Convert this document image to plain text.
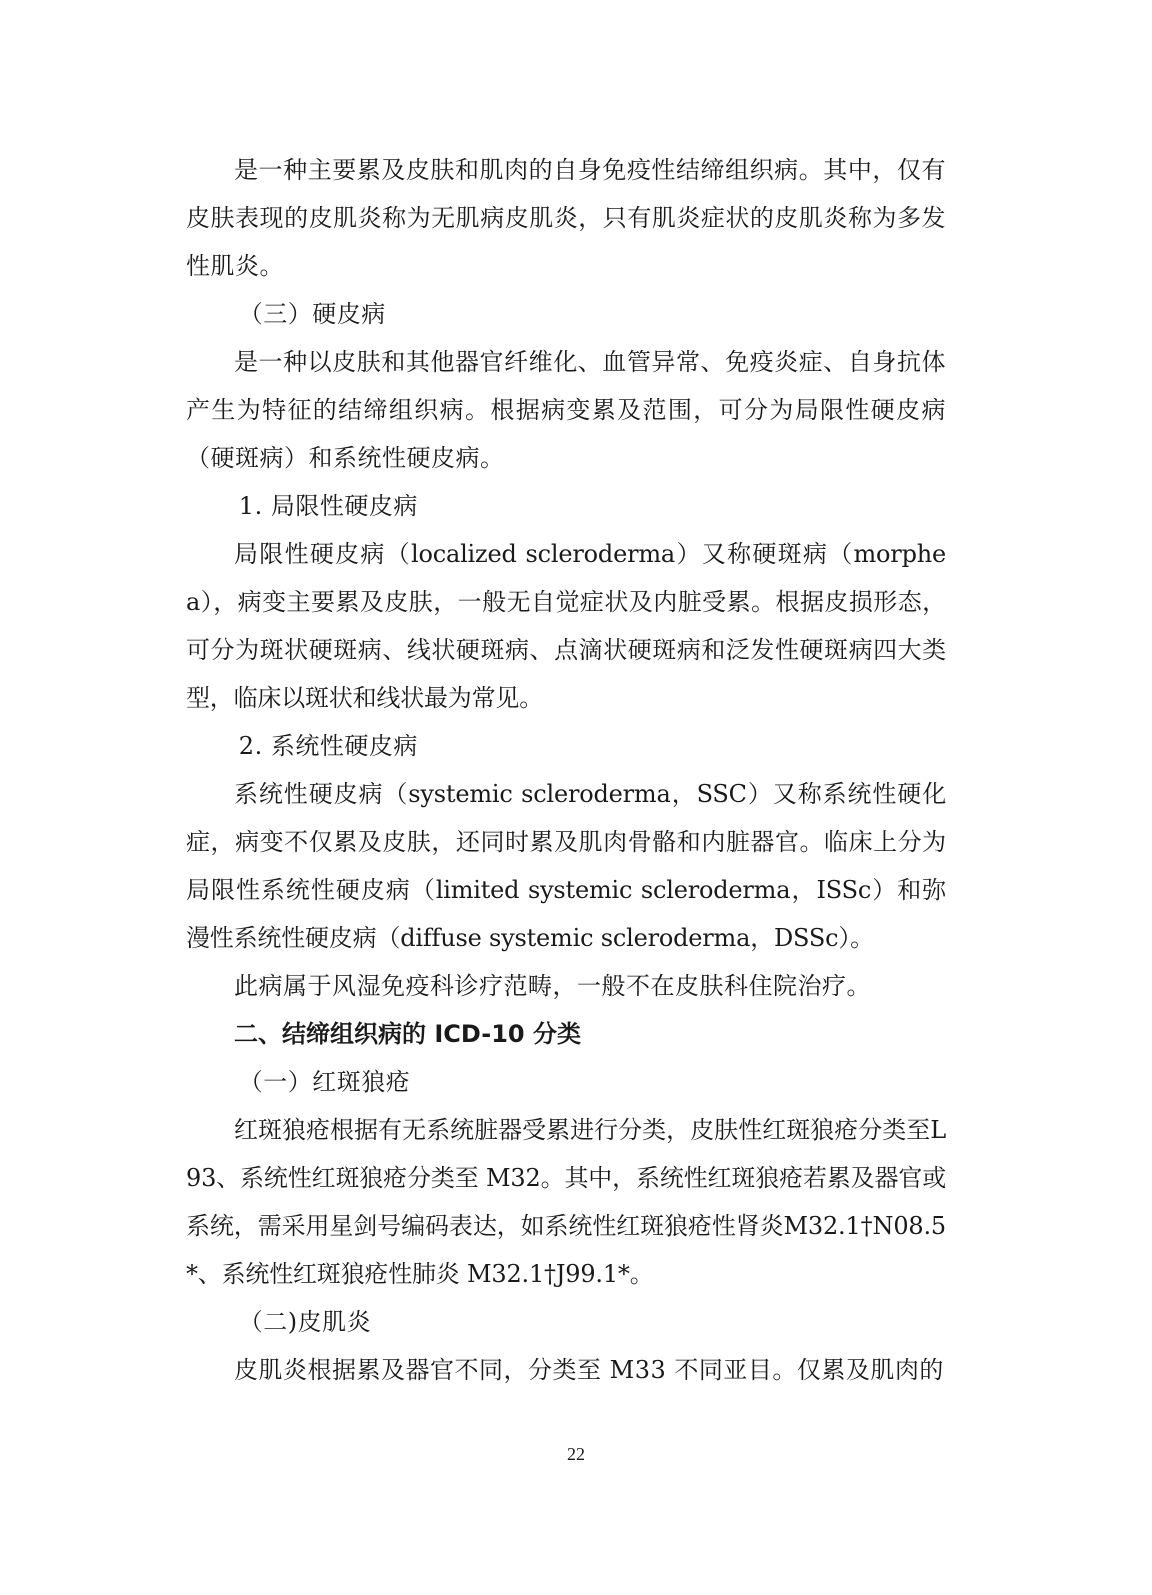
是一种主要累及皮肤和肌肉的自身免疫性结缔组织病。其中，仅有皮肤表现的皮肌炎称为无肌病皮肌炎，只有肌炎症状的皮肌炎称为多发性肌炎。

（三）硬皮病

是一种以皮肤和其他器官纤维化、血管异常、免疫炎症、自身抗体产生为特征的结缔组织病。根据病变累及范围，可分为局限性硬皮病（硬斑病）和系统性硬皮病。

1. 局限性硬皮病

局限性硬皮病（localized scleroderma）又称硬斑病（morphea），病变主要累及皮肤，一般无自觉症状及内脏受累。根据皮损形态，可分为斑状硬斑病、线状硬斑病、点滴状硬斑病和泛发性硬斑病四大类型，临床以斑状和线状最为常见。

2. 系统性硬皮病

系统性硬皮病（systemic scleroderma，SSC）又称系统性硬化症，病变不仅累及皮肤，还同时累及肌肉骨骼和内脏器官。临床上分为局限性系统性硬皮病（limited systemic scleroderma，ISSc）和弥漫性系统性硬皮病（diffuse systemic scleroderma，DSSc）。

此病属于风湿免疫科诊疗范畴，一般不在皮肤科住院治疗。

二、结缔组织病的 ICD-10 分类

（一）红斑狼疮

红斑狼疮根据有无系统脏器受累进行分类，皮肤性红斑狼疮分类至L93、系统性红斑狼疮分类至 M32。其中，系统性红斑狼疮若累及器官或系统，需采用星剑号编码表达，如系统性红斑狼疮性肾炎M32.1†N08.5*、系统性红斑狼疮性肺炎 M32.1†J99.1*。

（二)皮肌炎

皮肌炎根据累及器官不同，分类至 M33 不同亚目。仅累及肌肉的

22
